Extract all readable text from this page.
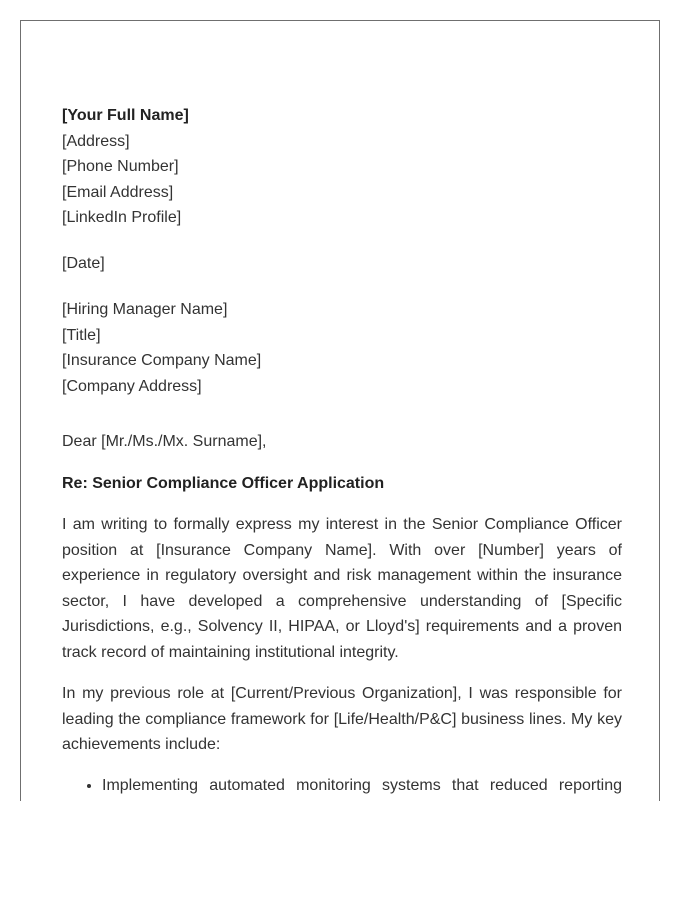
[Your Full Name]
[Address]
[Phone Number]
[Email Address]
[LinkedIn Profile]
[Date]
[Hiring Manager Name]
[Title]
[Insurance Company Name]
[Company Address]
Dear [Mr./Ms./Mx. Surname],
Re: Senior Compliance Officer Application

I am writing to formally express my interest in the Senior Compliance Officer position at [Insurance Company Name]. With over [Number] years of experience in regulatory oversight and risk management within the insurance sector, I have developed a comprehensive understanding of [Specific Jurisdictions, e.g., Solvency II, HIPAA, or Lloyd's] requirements and a proven track record of maintaining institutional integrity.

In my previous role at [Current/Previous Organization], I was responsible for leading the compliance framework for [Life/Health/P&C] business lines. My key achievements include:

• Implementing automated monitoring systems that reduced reporting
